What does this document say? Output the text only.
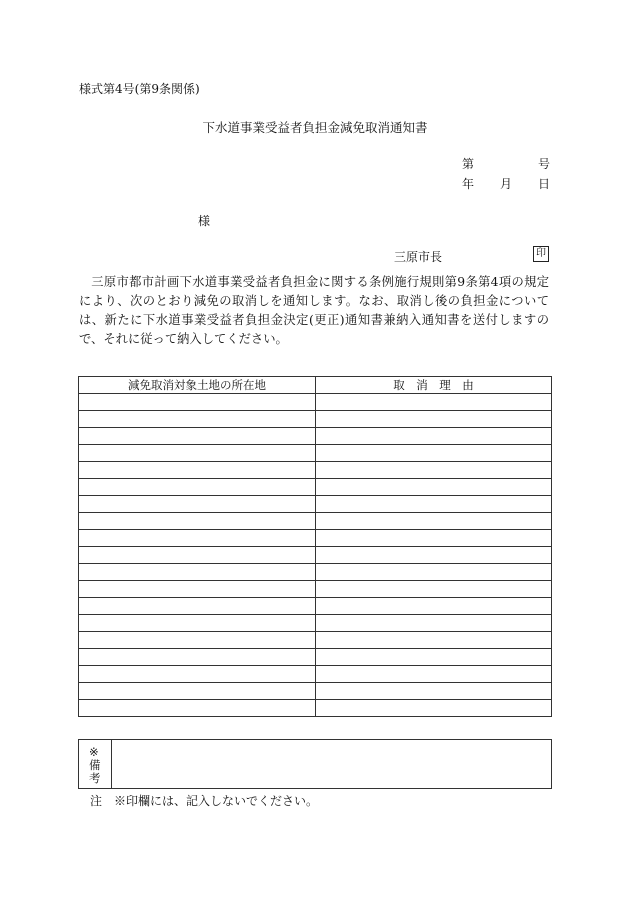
様式第4号(第9条関係)
下水道事業受益者負担金減免取消通知書
第	号
年 月 日
様
三原市長	印

三原市都市計画下水道事業受益者負担金に関する条例施行規則第9条第4項の規定により、次のとおり減免の取消しを通知します。なお、取消し後の負担金については、新たに下水道事業受益者負担金決定(更正)通知書兼納入通知書を送付しますので、それに従って納入してください。

減免取消対象土地の所在地	取　消　理　由

※
備
考
注　※印欄には、記入しないでください。
